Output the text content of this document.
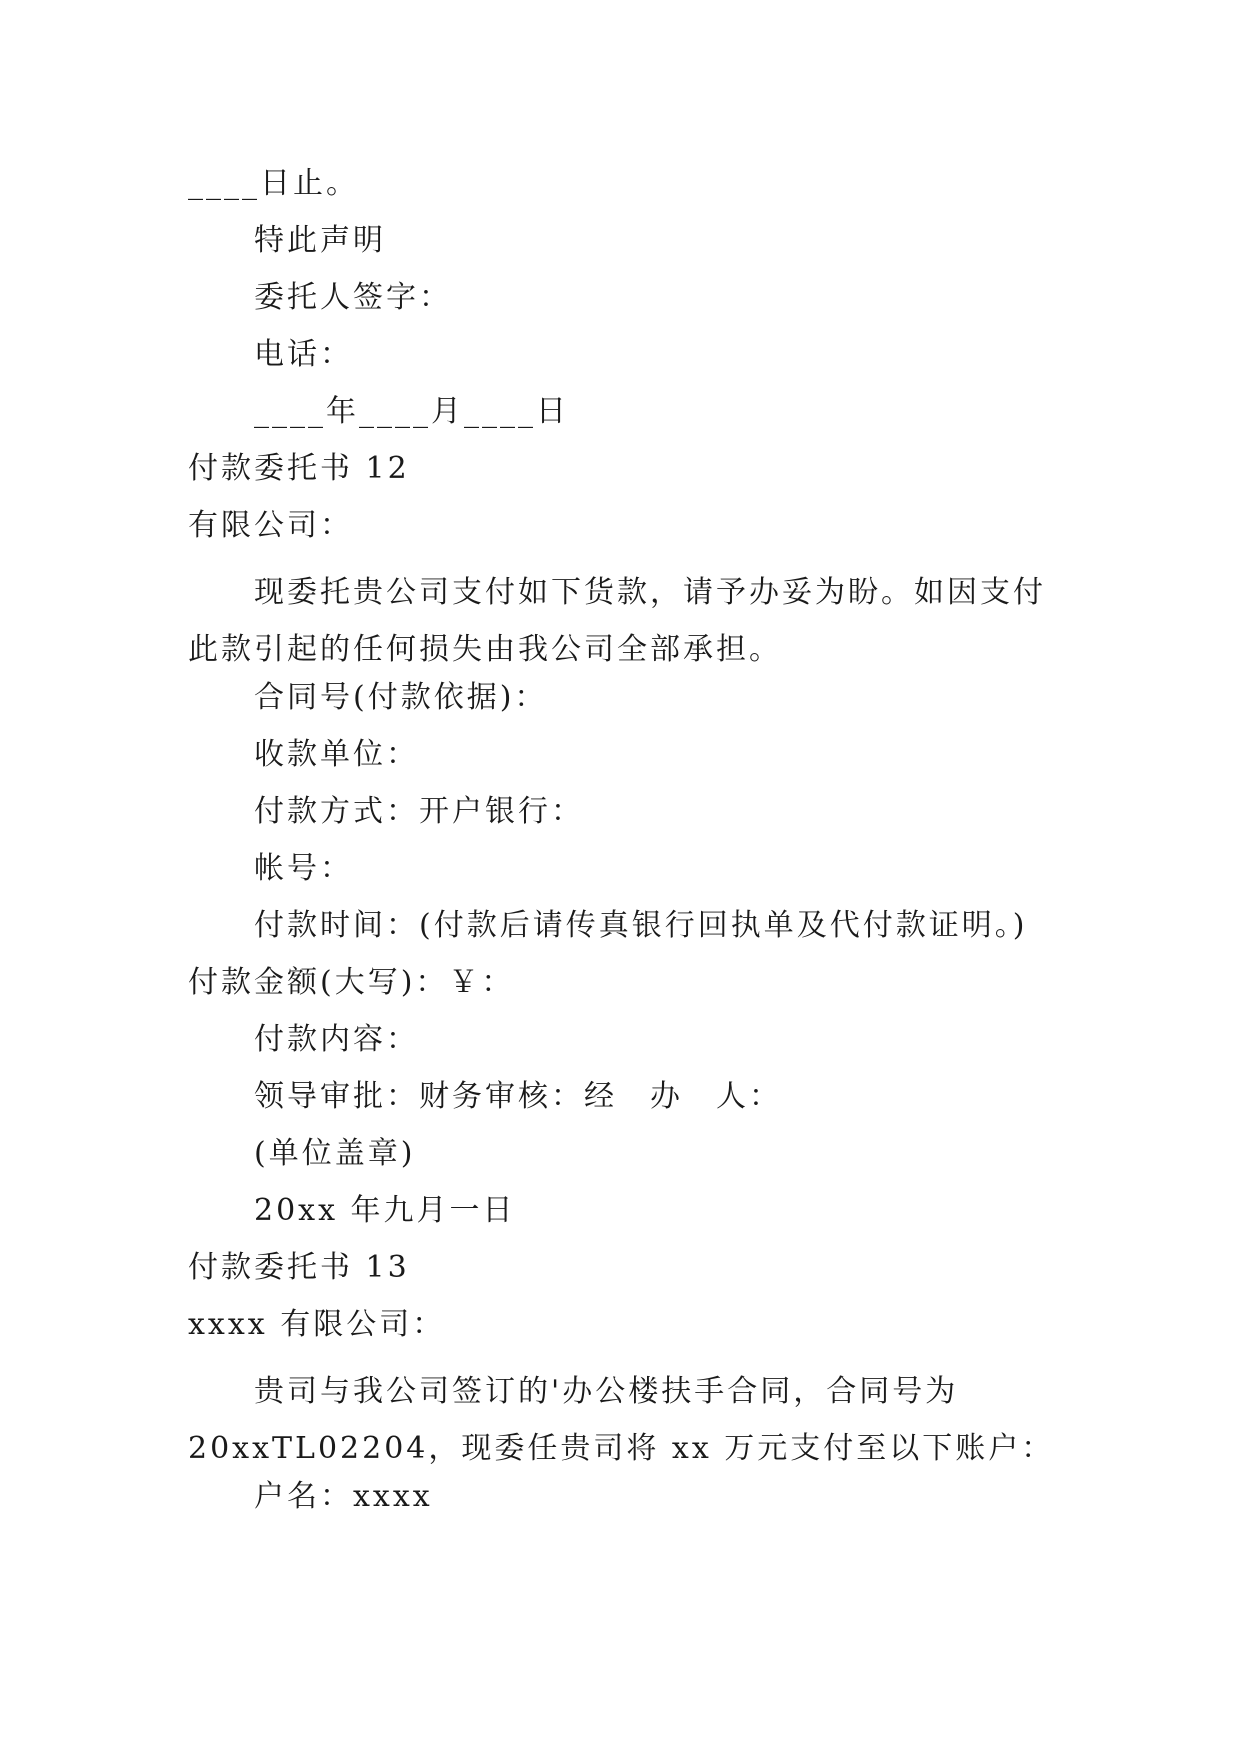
____日止。
特此声明
委托人签字：
电话：
____年____月____日
付款委托书 12
有限公司：
现委托贵公司支付如下货款，请予办妥为盼。如因支付此款引起的任何损失由我公司全部承担。
合同号(付款依据)：
收款单位：
付款方式：开户银行：
帐号：
付款时间：(付款后请传真银行回执单及代付款证明。)
付款金额(大写)：￥：
付款内容：
领导审批：财务审核：经　办　人：
(单位盖章)
20xx 年九月一日
付款委托书 13
xxxx 有限公司：
贵司与我公司签订的'办公楼扶手合同，合同号为20xxTL02204，现委任贵司将 xx 万元支付至以下账户：
户名：xxxx
